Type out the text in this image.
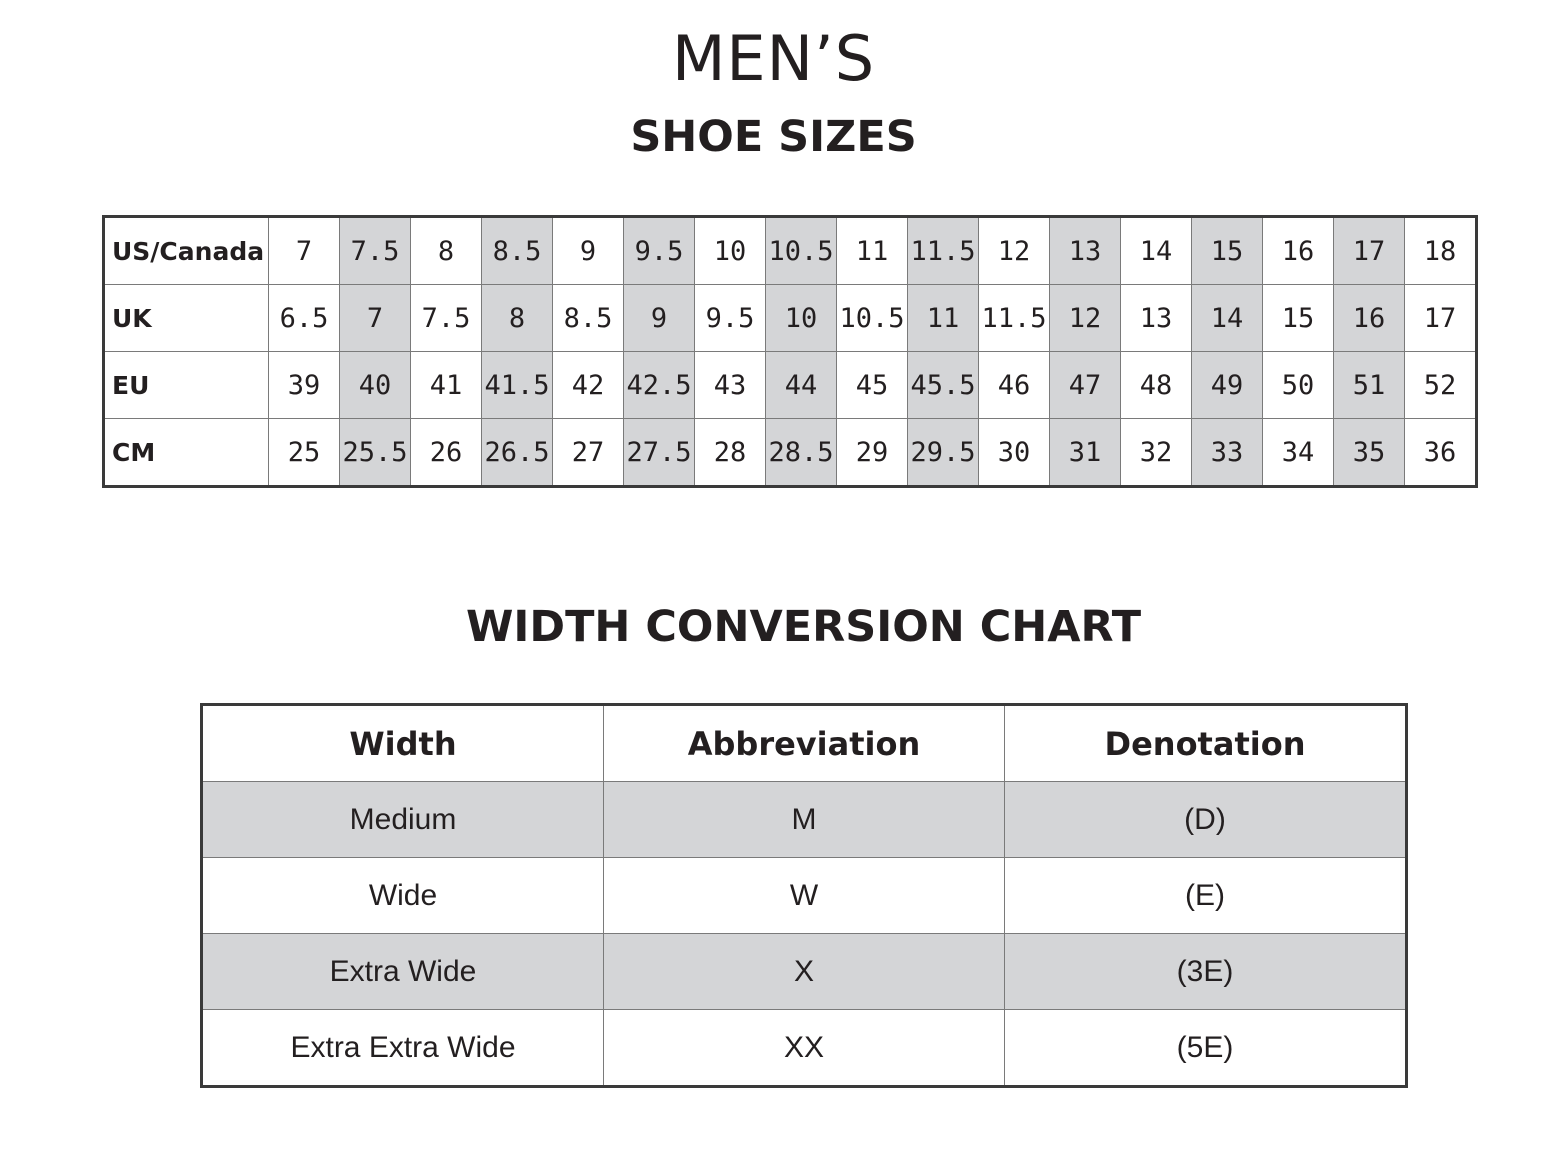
MEN’S
SHOE SIZES
US/Canada	7	7.5	8	8.5	9	9.5	10	10.5	11	11.5	12	13	14	15	16	17	18
UK	6.5	7	7.5	8	8.5	9	9.5	10	10.5	11	11.5	12	13	14	15	16	17
EU	39	40	41	41.5	42	42.5	43	44	45	45.5	46	47	48	49	50	51	52
CM	25	25.5	26	26.5	27	27.5	28	28.5	29	29.5	30	31	32	33	34	35	36
WIDTH CONVERSION CHART
Width	Abbreviation	Denotation
Medium	M	(D)
Wide	W	(E)
Extra Wide	X	(3E)
Extra Extra Wide	XX	(5E)
